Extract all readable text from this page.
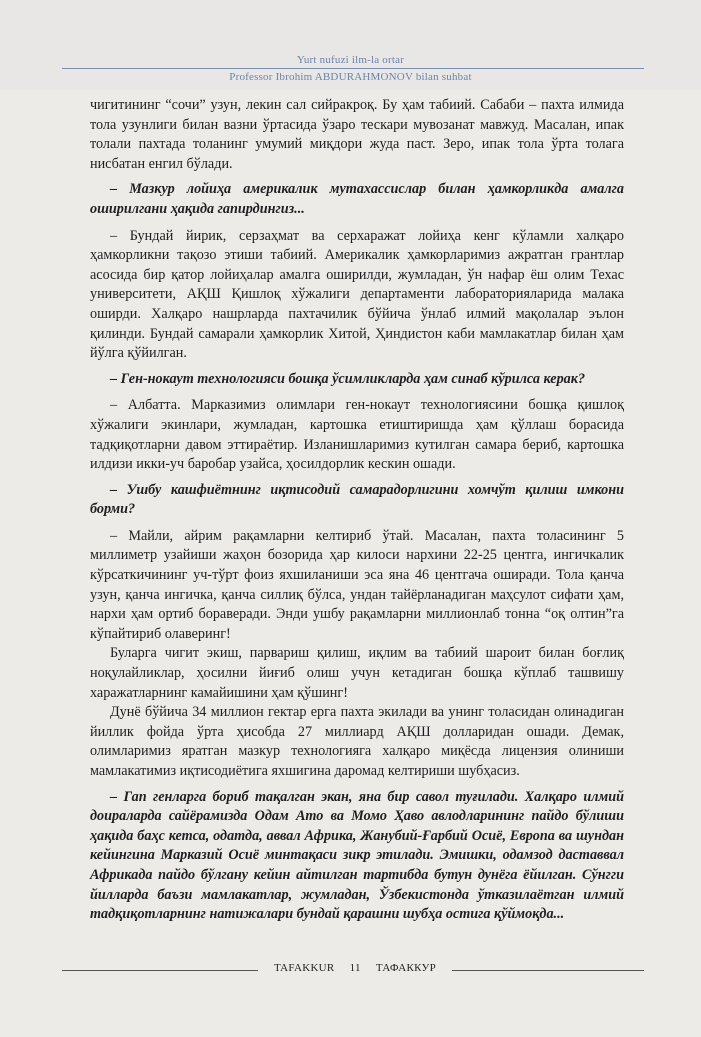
Yurt nufuzi ilm-la ortar
Professor Ibrohim ABDURAHMONOV bilan suhbat

чигитининг “сочи” узун, лекин сал сийракроқ. Бу ҳам табиий. Сабаби – пахта илмида тола узунлиги билан вазни ўртасида ўзаро тескари мувозанат мавжуд. Масалан, ипак толали пахтада толанинг умумий миқдори жуда паст. Зеро, ипак тола ўрта толага нисбатан енгил бўлади.

– Мазкур лойиҳа америкалик мутахассислар билан ҳамкорликда амалга оширилгани ҳақида гапирдингиз...

– Бундай йирик, серзаҳмат ва серхаражат лойиҳа кенг кўламли халқаро ҳамкорликни тақозо этиши табиий. Америкалик ҳамкорларимиз ажратган грантлар асосида бир қатор лойиҳалар амалга оширилди, жумладан, ўн нафар ёш олим Техас университети, АҚШ Қишлоқ хўжалиги департаменти лабораторияларида малака оширди. Халқаро нашрларда пахтачилик бўйича ўнлаб илмий мақолалар эълон қилинди. Бундай самарали ҳамкорлик Хитой, Ҳиндистон каби мамлакатлар билан ҳам йўлга қўйилган.

– Ген-нокаут технологияси бошқа ўсимликларда ҳам синаб кўрилса керак?

– Албатта. Марказимиз олимлари ген-нокаут технологиясини бошқа қишлоқ хўжалиги экинлари, жумладан, картошка етиштиришда ҳам қўллаш борасида тадқиқотларни давом эттираётир. Изланишларимиз кутилган самара бериб, картошка илдизи икки-уч баробар узайса, ҳосилдорлик кескин ошади.

– Ушбу кашфиётнинг иқтисодий самарадорлигини хомчўт қилиш имкони борми?

– Майли, айрим рақамларни келтириб ўтай. Масалан, пахта толасининг 5 миллиметр узайиши жаҳон бозорида ҳар килоси нархини 22-25 центга, ингичкалик кўрсаткичининг уч-тўрт фоиз яхшиланиши эса яна 46 центгача оширади. Тола қанча узун, қанча ингичка, қанча силлиқ бўлса, ундан тайёрланадиган маҳсулот сифати ҳам, нархи ҳам ортиб бораверади. Энди ушбу рақамларни миллионлаб тонна “оқ олтин”га кўпайтириб олаверинг!

Буларга чигит экиш, парвариш қилиш, иқлим ва табиий шароит билан боғлиқ ноқулайликлар, ҳосилни йиғиб олиш учун кетадиган бошқа кўплаб ташвишу харажатларнинг камайишини ҳам қўшинг!

Дунё бўйича 34 миллион гектар ерга пахта экилади ва унинг толасидан олинадиган йиллик фойда ўрта ҳисобда 27 миллиард АҚШ долларидан ошади. Демак, олимларимиз яратган мазкур технологияга халқаро миқёсда лицензия олиниши мамлакатимиз иқтисодиётига яхшигина даромад келтириши шубҳасиз.

– Гап генларга бориб тақалган экан, яна бир савол туғилади. Халқаро илмий доираларда сайёрамизда Одам Ато ва Момо Ҳаво авлодларининг пайдо бўлиши ҳақида баҳс кетса, одатда, аввал Африка, Жанубий-Ғарбий Осиё, Европа ва шундан кейингина Марказий Осиё минтақаси зикр этилади. Эмишки, одамзод даставвал Африкада пайдо бўлгану кейин айтилган тартибда бутун дунёга ёйилган. Сўнгги йилларда баъзи мамлакатлар, жумладан, Ўзбекистонда ўтказилаётган илмий тадқиқотларнинг натижалари бундай қарашни шубҳа остига қўймоқда...

TAFAKKUR 11 ТАФАККУР
